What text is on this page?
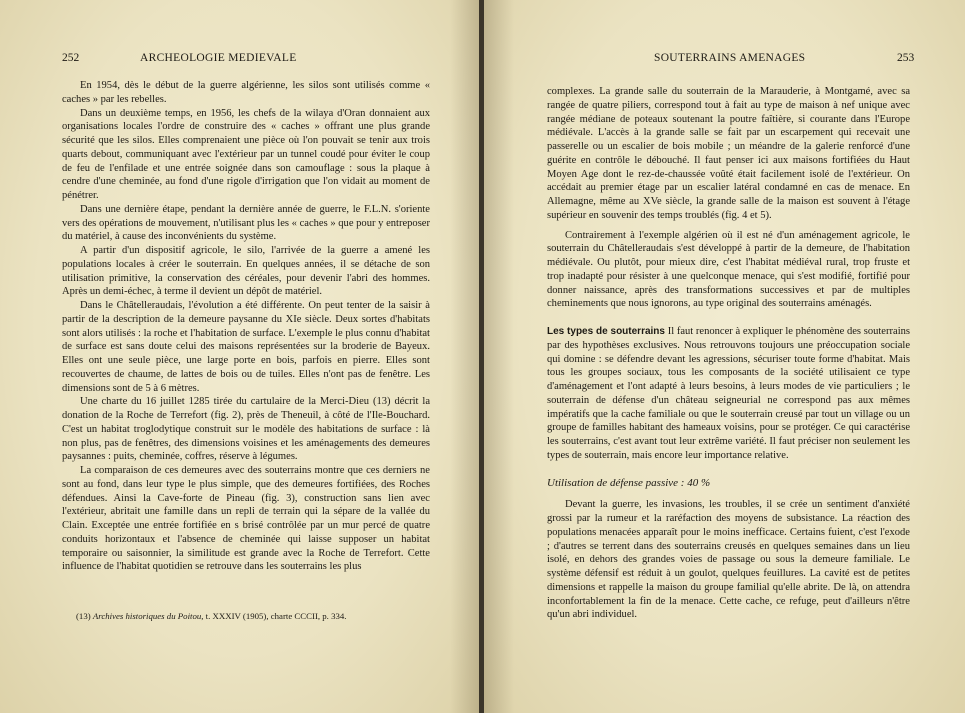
252	ARCHEOLOGIE MEDIEVALE

En 1954, dès le début de la guerre algérienne, les silos sont utilisés comme « caches » par les rebelles.

Dans un deuxième temps, en 1956, les chefs de la wilaya d'Oran donnaient aux organisations locales l'ordre de construire des « caches » offrant une plus grande sécurité que les silos. Elles comprenaient une pièce où l'on pouvait se tenir aux trois quarts debout, communiquant avec l'extérieur par un tunnel coudé pour éviter le coup de feu de l'enfilade et une entrée soignée dans son camouflage : sous la plaque à cendre d'une cheminée, au fond d'une rigole d'irrigation que l'on vidait au moment de pénétrer.

Dans une dernière étape, pendant la dernière année de guerre, le F.L.N. s'oriente vers des opérations de mouvement, n'utilisant plus les « caches » que pour y entreposer du matériel, à cause des inconvénients du système.

A partir d'un dispositif agricole, le silo, l'arrivée de la guerre a amené les populations locales à créer le souterrain. En quelques années, il se détache de son utilisation primitive, la conservation des céréales, pour devenir l'abri des hommes. Après un demi-échec, à terme il devient un dépôt de matériel.

Dans le Châtelleraudais, l'évolution a été différente. On peut tenter de la saisir à partir de la description de la demeure paysanne du XIe siècle. Deux sortes d'habitats sont alors utilisés : la roche et l'habitation de surface. L'exemple le plus connu d'habitat de surface est sans doute celui des maisons représentées sur la broderie de Bayeux. Elles ont une seule pièce, une large porte en bois, parfois en pierre. Elles sont recouvertes de chaume, de lattes de bois ou de tuiles. Elles n'ont pas de fenêtre. Les dimensions sont de 5 à 6 mètres.

Une charte du 16 juillet 1285 tirée du cartulaire de la Merci-Dieu (13) décrit la donation de la Roche de Terrefort (fig. 2), près de Theneuil, à côté de l'Ile-Bouchard. C'est un habitat troglodytique construit sur le modèle des habitations de surface : là non plus, pas de fenêtres, des dimensions voisines et les aménagements des demeures paysannes : puits, cheminée, coffres, réserve à légumes.

La comparaison de ces demeures avec des souterrains montre que ces derniers ne sont au fond, dans leur type le plus simple, que des demeures fortifiées, des Roches défendues. Ainsi la Cave-forte de Pineau (fig. 3), construction sans lien avec l'extérieur, abritait une famille dans un repli de terrain qui la sépare de la vallée du Clain. Exceptée une entrée fortifiée en s brisé contrôlée par un mur percé de quatre conduits horizontaux et l'absence de cheminée qui laisse supposer un habitat temporaire ou saisonnier, la similitude est grande avec la Roche de Terrefort. Cette influence de l'habitat quotidien se retrouve dans les souterrains les plus

(13) Archives historiques du Poitou, t. XXXIV (1905), charte CCCII, p. 334.
SOUTERRAINS AMENAGES	253

complexes. La grande salle du souterrain de la Marauderie, à Montgamé, avec sa rangée de quatre piliers, correspond tout à fait au type de maison à nef unique avec rangée médiane de poteaux soutenant la poutre faîtière, si courante dans l'Europe médiévale. L'accès à la grande salle se fait par un escarpement qui recevait une passerelle ou un escalier de bois mobile ; un méandre de la galerie renforcé d'une guérite en contrôle le débouché. Il faut penser ici aux maisons fortifiées du Haut Moyen Age dont le rez-de-chaussée voûté était facilement isolé de l'extérieur. On accédait au premier étage par un escalier latéral condamné en cas de menace. En Allemagne, même au XVe siècle, la grande salle de la maison est souvent à l'étage supérieur en souvenir des temps troublés (fig. 4 et 5).

Contrairement à l'exemple algérien où il est né d'un aménagement agricole, le souterrain du Châtelleraudais s'est développé à partir de la demeure, de l'habitation médiévale. Ou plutôt, pour mieux dire, c'est l'habitat médiéval rural, trop fruste et trop inadapté pour résister à une quelconque menace, qui s'est modifié, fortifié pour donner naissance, après des transformations successives et par de multiples cheminements que nous ignorons, au type original des souterrains aménagés.

Les types de souterrains Il faut renoncer à expliquer le phénomène des souterrains par des hypothèses exclusives. Nous retrouvons toujours une préoccupation sociale qui domine : se défendre devant les agressions, sécuriser toute forme d'habitat. Mais tous les groupes sociaux, tous les composants de la société utilisaient ce type d'aménagement et l'ont adapté à leurs besoins, à leurs modes de vie particuliers ; le souterrain de défense d'un château seigneurial ne correspond pas aux mêmes impératifs que la cache familiale ou que le souterrain creusé par tout un village ou un groupe de familles habitant des hameaux voisins, pour se protéger. Ce qui caractérise les souterrains, c'est avant tout leur extrême variété. Il faut préciser non seulement les types de souterrain, mais encore leur importance relative.

Utilisation de défense passive : 40 %

Devant la guerre, les invasions, les troubles, il se crée un sentiment d'anxiété grossi par la rumeur et la raréfaction des moyens de subsistance. La réaction des populations menacées apparaît pour le moins inefficace. Certains fuient, c'est l'exode ; d'autres se terrent dans des souterrains creusés en quelques semaines dans un lieu isolé, en dehors des grandes voies de passage ou sous la demeure familiale. Le système défensif est réduit à un goulot, quelques feuillures. La cavité est de petites dimensions et rappelle la maison du groupe familial qu'elle abrite. De là, on attendra inconfortablement la fin de la menace. Cette cache, ce refuge, peut d'ailleurs n'être qu'un abri individuel.
